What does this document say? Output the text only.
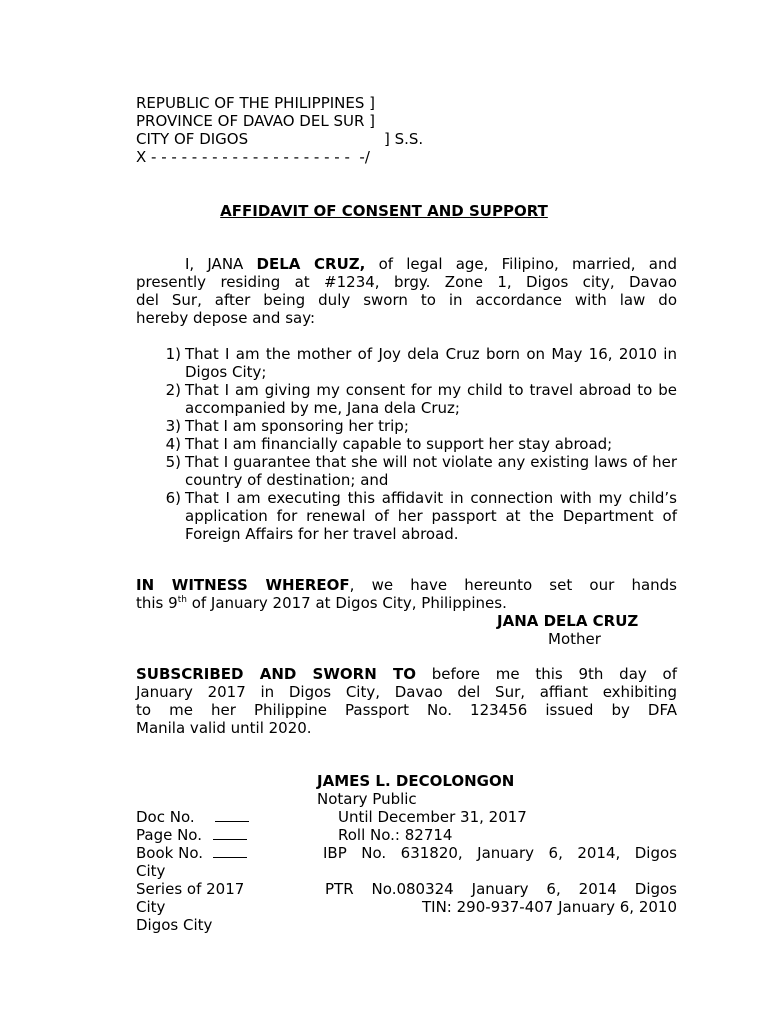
REPUBLIC OF THE PHILIPPINES ]
PROVINCE OF DAVAO DEL SUR ]
CITY OF DIGOS	] S.S.
X - - - - - - - - - - - - - - - - - - - -  -/
AFFIDAVIT OF CONSENT AND SUPPORT
I, JANA DELA CRUZ, of legal age, Filipino, married, and
presently residing at #1234, brgy. Zone 1, Digos city, Davao
del Sur, after being duly sworn to in accordance with law do
hereby depose and say:
1) That I am the mother of Joy dela Cruz born on May 16, 2010 in Digos City;
2) That I am giving my consent for my child to travel abroad to be accompanied by me, Jana dela Cruz;
3) That I am sponsoring her trip;
4) That I am financially capable to support her stay abroad;
5) That I guarantee that she will not violate any existing laws of her country of destination; and
6) That I am executing this affidavit in connection with my child’s application for renewal of her passport at the Department of Foreign Affairs for her travel abroad.
IN WITNESS WHEREOF, we have hereunto set our hands
this 9th of January 2017 at Digos City, Philippines.
JANA DELA CRUZ
Mother
SUBSCRIBED AND SWORN TO before me this 9th day of
January 2017 in Digos City, Davao del Sur, affiant exhibiting
to me her Philippine Passport No. 123456 issued by DFA
Manila valid until 2020.
JAMES L. DECOLONGON
Notary Public
Doc No.	Until December 31, 2017
Page No.	Roll No.: 82714
Book No.	IBP No. 631820, January 6, 2014, Digos
City
Series of 2017	PTR No.080324 January 6, 2014 Digos
City	TIN: 290-937-407 January 6, 2010
Digos City
